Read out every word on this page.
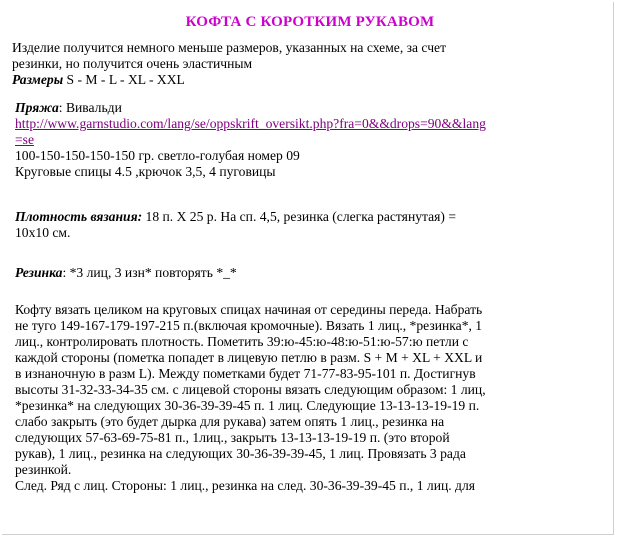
КОФТА С КОРОТКИМ РУКАВОМ
Изделие получится немного меньше размеров, указанных на схеме, за счет
резинки, но получится очень эластичным
Размеры S - M - L - XL - XXL
Пряжа: Вивальди
http://www.garnstudio.com/lang/se/oppskrift_oversikt.php?fra=0&&drops=90&&lang
=se
100-150-150-150-150 гр. светло-голубая номер 09
Круговые спицы 4.5 ,крючок 3,5, 4 пуговицы
Плотность вязания: 18 п. Х 25 р. На сп. 4,5, резинка (слегка растянутая) =
10х10 см.
Резинка: *3 лиц, 3 изн* повторять *_*
Кофту вязать целиком на круговых спицах начиная от середины переда. Набрать
не туго 149-167-179-197-215 п.(включая кромочные). Вязать 1 лиц., *резинка*, 1
лиц., контролировать плотность. Пометить 39:ю-45:ю-48:ю-51:ю-57:ю петли с
каждой стороны (пометка попадет в лицевую петлю в разм. S + M + XL + XXL и
в изнаночную в разм L). Между пометками будет 71-77-83-95-101 п. Достигнув
высоты 31-32-33-34-35 см. с лицевой стороны вязать следующим образом: 1 лиц,
*резинка* на следующих 30-36-39-39-45 п. 1 лиц. Следующие 13-13-13-19-19 п.
слабо закрыть (это будет дырка для рукава) затем опять 1 лиц., резинка на
следующих 57-63-69-75-81 п., 1лиц., закрыть 13-13-13-19-19 п. (это второй
рукав), 1 лиц., резинка на следующих 30-36-39-39-45, 1 лиц. Провязать 3 рада
резинкой.
След. Ряд с лиц. Стороны: 1 лиц., резинка на след. 30-36-39-39-45 п., 1 лиц. для
